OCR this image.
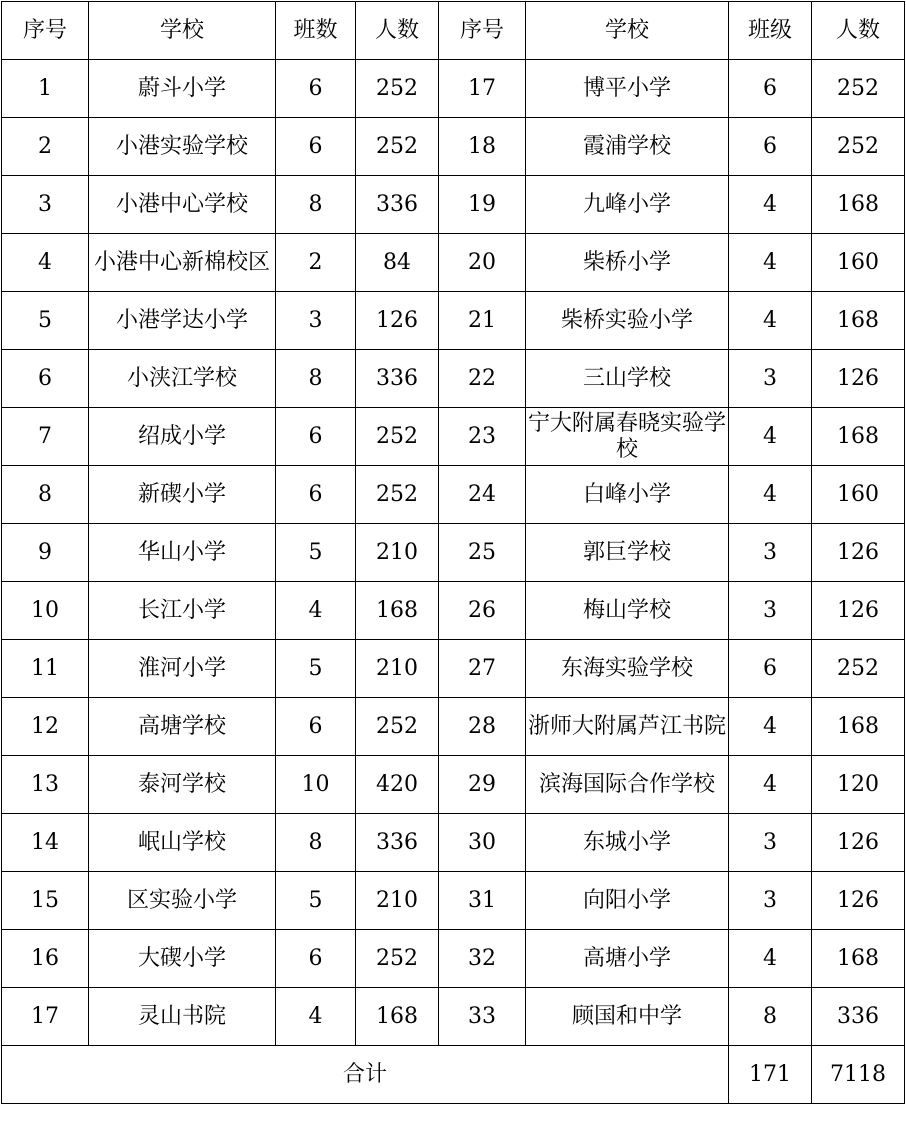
序号	学校	班数	人数	序号	学校	班级	人数
1	蔚斗小学	6	252	17	博平小学	6	252
2	小港实验学校	6	252	18	霞浦学校	6	252
3	小港中心学校	8	336	19	九峰小学	4	168
4	小港中心新棉校区	2	84	20	柴桥小学	4	160
5	小港学达小学	3	126	21	柴桥实验小学	4	168
6	小浃江学校	8	336	22	三山学校	3	126
7	绍成小学	6	252	23	宁大附属春晓实验学校	4	168
8	新碶小学	6	252	24	白峰小学	4	160
9	华山小学	5	210	25	郭巨学校	3	126
10	长江小学	4	168	26	梅山学校	3	126
11	淮河小学	5	210	27	东海实验学校	6	252
12	高塘学校	6	252	28	浙师大附属芦江书院	4	168
13	泰河学校	10	420	29	滨海国际合作学校	4	120
14	岷山学校	8	336	30	东城小学	3	126
15	区实验小学	5	210	31	向阳小学	3	126
16	大碶小学	6	252	32	高塘小学	4	168
17	灵山书院	4	168	33	顾国和中学	8	336
合计						171	7118
